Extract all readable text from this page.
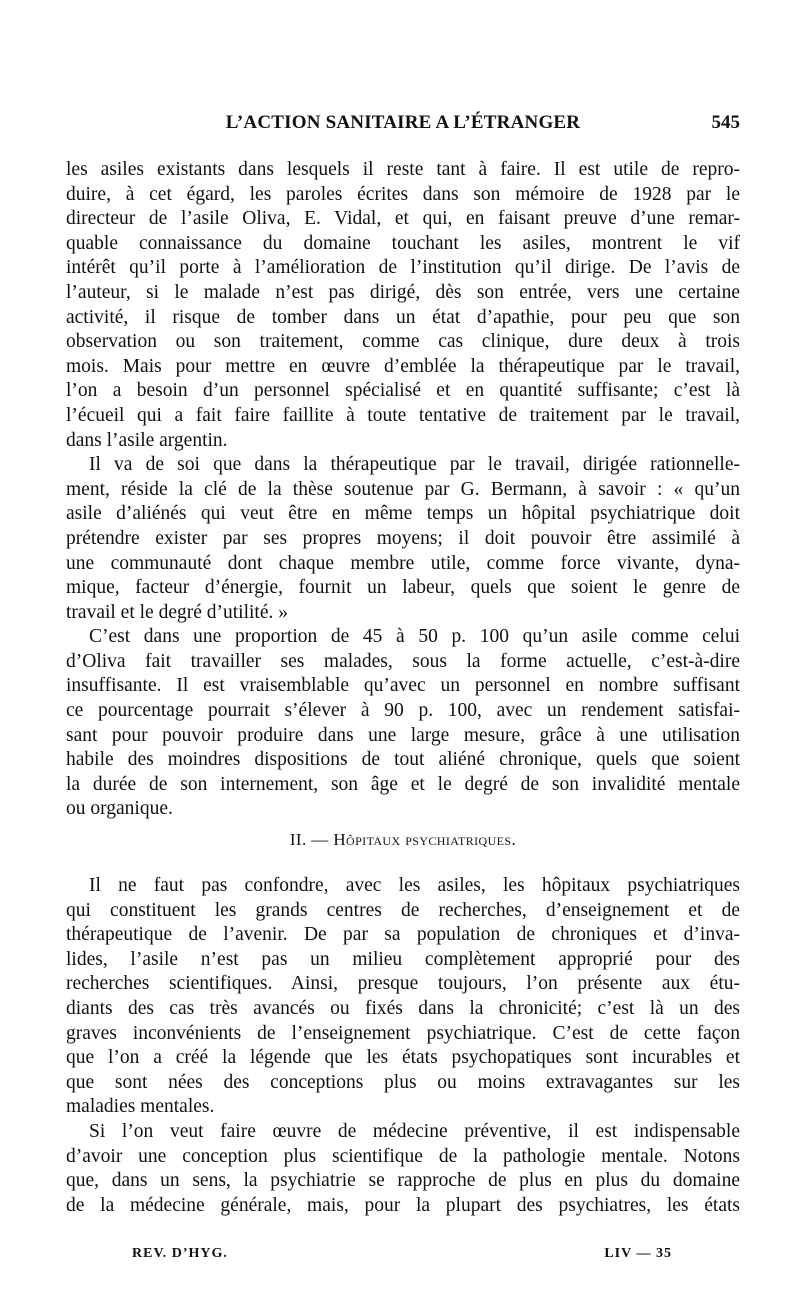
L’ACTION SANITAIRE A L’ÉTRANGER	545
les asiles existants dans lesquels il reste tant à faire. Il est utile de repro-
duire, à cet égard, les paroles écrites dans son mémoire de 1928 par le
directeur de l’asile Oliva, E. Vidal, et qui, en faisant preuve d’une remar-
quable connaissance du domaine touchant les asiles, montrent le vif
intérêt qu’il porte à l’amélioration de l’institution qu’il dirige. De l’avis de
l’auteur, si le malade n’est pas dirigé, dès son entrée, vers une certaine
activité, il risque de tomber dans un état d’apathie, pour peu que son
observation ou son traitement, comme cas clinique, dure deux à trois
mois. Mais pour mettre en œuvre d’emblée la thérapeutique par le travail,
l’on a besoin d’un personnel spécialisé et en quantité suffisante; c’est là
l’écueil qui a fait faire faillite à toute tentative de traitement par le travail,
dans l’asile argentin.
Il va de soi que dans la thérapeutique par le travail, dirigée rationnelle-
ment, réside la clé de la thèse soutenue par G. Bermann, à savoir : « qu’un
asile d’aliénés qui veut être en même temps un hôpital psychiatrique doit
prétendre exister par ses propres moyens; il doit pouvoir être assimilé à
une communauté dont chaque membre utile, comme force vivante, dyna-
mique, facteur d’énergie, fournit un labeur, quels que soient le genre de
travail et le degré d’utilité. »
C’est dans une proportion de 45 à 50 p. 100 qu’un asile comme celui
d’Oliva fait travailler ses malades, sous la forme actuelle, c’est-à-dire
insuffisante. Il est vraisemblable qu’avec un personnel en nombre suffisant
ce pourcentage pourrait s’élever à 90 p. 100, avec un rendement satisfai-
sant pour pouvoir produire dans une large mesure, grâce à une utilisation
habile des moindres dispositions de tout aliéné chronique, quels que soient
la durée de son internement, son âge et le degré de son invalidité mentale
ou organique.
II. — Hôpitaux psychiatriques.
Il ne faut pas confondre, avec les asiles, les hôpitaux psychiatriques
qui constituent les grands centres de recherches, d’enseignement et de
thérapeutique de l’avenir. De par sa population de chroniques et d’inva-
lides, l’asile n’est pas un milieu complètement approprié pour des
recherches scientifiques. Ainsi, presque toujours, l’on présente aux étu-
diants des cas très avancés ou fixés dans la chronicité; c’est là un des
graves inconvénients de l’enseignement psychiatrique. C’est de cette façon
que l’on a créé la légende que les états psychopatiques sont incurables et
que sont nées des conceptions plus ou moins extravagantes sur les
maladies mentales.
Si l’on veut faire œuvre de médecine préventive, il est indispensable
d’avoir une conception plus scientifique de la pathologie mentale. Notons
que, dans un sens, la psychiatrie se rapproche de plus en plus du domaine
de la médecine générale, mais, pour la plupart des psychiatres, les états
REV. D’HYG.	LIV — 35
